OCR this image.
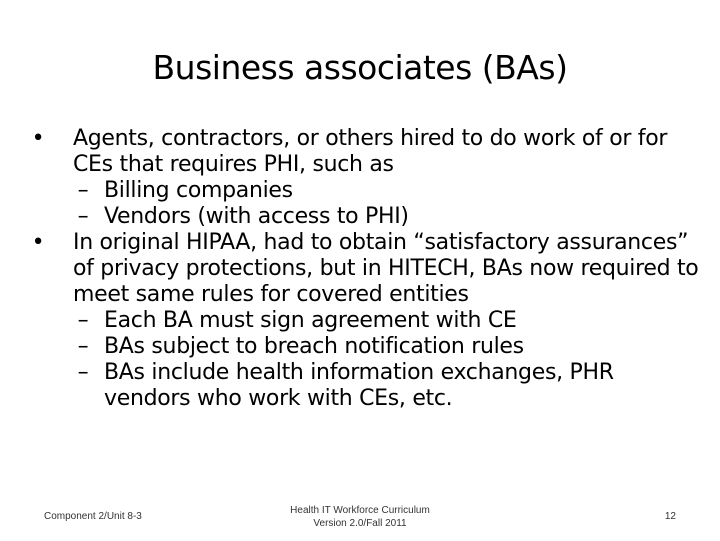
Business associates (BAs)
• Agents, contractors, or others hired to do work of or for CEs that requires PHI, such as
– Billing companies
– Vendors (with access to PHI)
• In original HIPAA, had to obtain “satisfactory assurances” of privacy protections, but in HITECH, BAs now required to meet same rules for covered entities
– Each BA must sign agreement with CE
– BAs subject to breach notification rules
– BAs include health information exchanges, PHR vendors who work with CEs, etc.
Component 2/Unit 8-3
Health IT Workforce Curriculum
Version 2.0/Fall 2011
12
